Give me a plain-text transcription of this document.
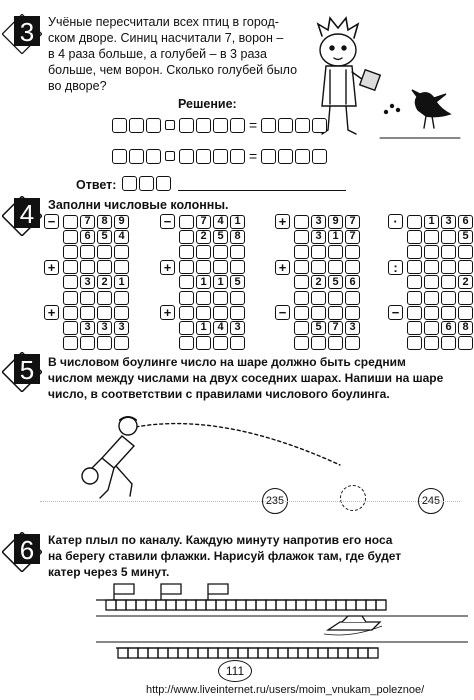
3 Учёные пересчитали всех птиц в город-
ском дворе. Синиц насчитали 7, ворон –
в 4 раза больше, а голубей – в 3 раза
больше, чем ворон. Сколько голубей было
во дворе?
Решение:
=
=
Ответ:
4 Заполни числовые колонны.
−	7 8 9
6 5 4
+
3 2 1
+
3 3 3
−	7 4 1
2 5 8
+
1 1 5
+
1 4 3
+	3 9 7
3 1 7
+
2 5 6
−
5 7 3
·	1 3 6
5
:
2
−
6 8
5 В числовом боулинге число на шаре должно быть средним
числом между числами на двух соседних шарах. Напиши на шаре
число, в соответствии с правилами числового боулинга.
235	245
6 Катер плыл по каналу. Каждую минуту напротив его носа
на берегу ставили флажки. Нарисуй флажок там, где будет
катер через 5 минут.
111
http://www.liveinternet.ru/users/moim_vnukam_poleznoe/
